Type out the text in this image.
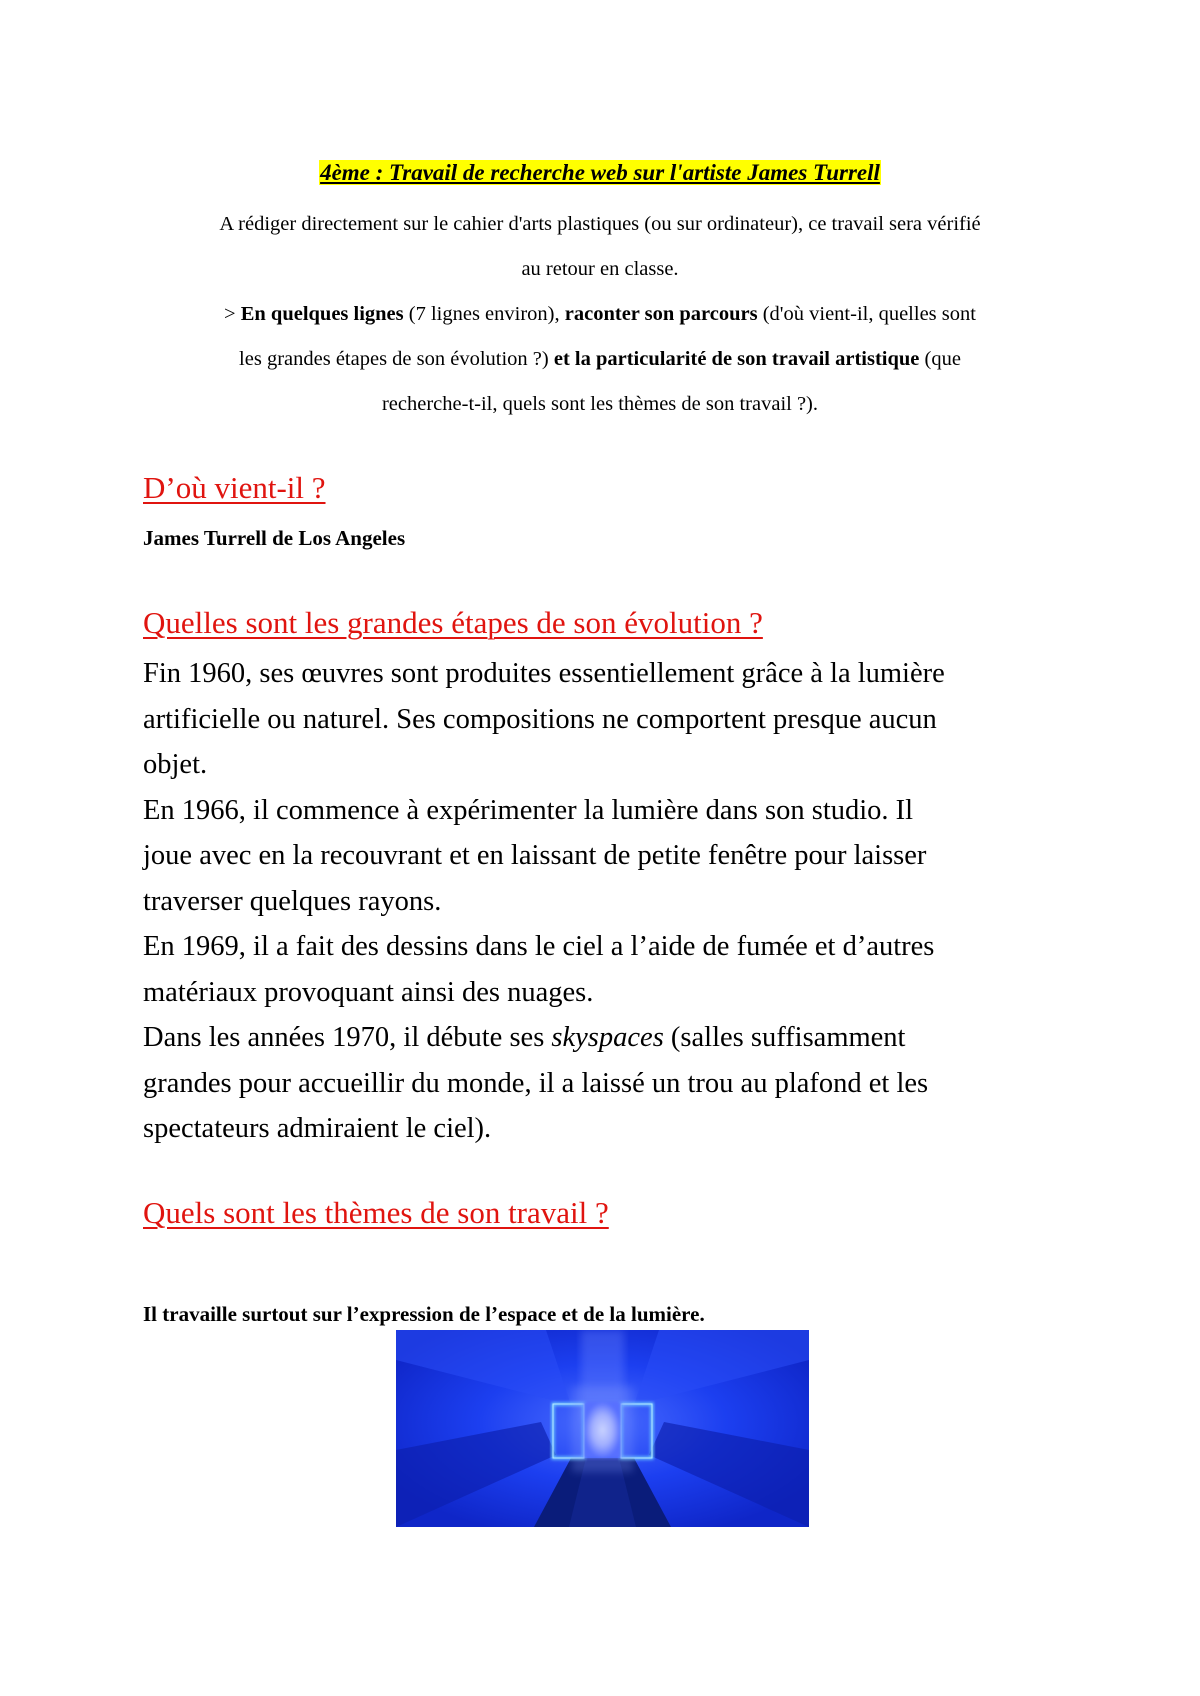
4ème : Travail de recherche web sur l'artiste James Turrell

A rédiger directement sur le cahier d'arts plastiques (ou sur ordinateur), ce travail sera vérifié

au retour en classe.

> En quelques lignes (7 lignes environ), raconter son parcours (d'où vient-il, quelles sont

les grandes étapes de son évolution ?) et la particularité de son travail artistique (que

recherche-t-il, quels sont les thèmes de son travail ?).

D’où vient-il ?
James Turrell de Los Angeles
Quelles sont les grandes étapes de son évolution ?

Fin 1960, ses œuvres sont produites essentiellement grâce à la lumière

artificielle ou naturel. Ses compositions ne comportent presque aucun

objet.

En 1966, il commence à expérimenter la lumière dans son studio. Il

joue avec en la recouvrant et en laissant de petite fenêtre pour laisser

traverser quelques rayons.

En 1969, il a fait des dessins dans le ciel a l’aide de fumée et d’autres

matériaux provoquant ainsi des nuages.

Dans les années 1970, il débute ses skyspaces (salles suffisamment

grandes pour accueillir du monde, il a laissé un trou au plafond et les

spectateurs admiraient le ciel).

Quels sont les thèmes de son travail ?
Il travaille surtout sur l’expression de l’espace et de la lumière.
